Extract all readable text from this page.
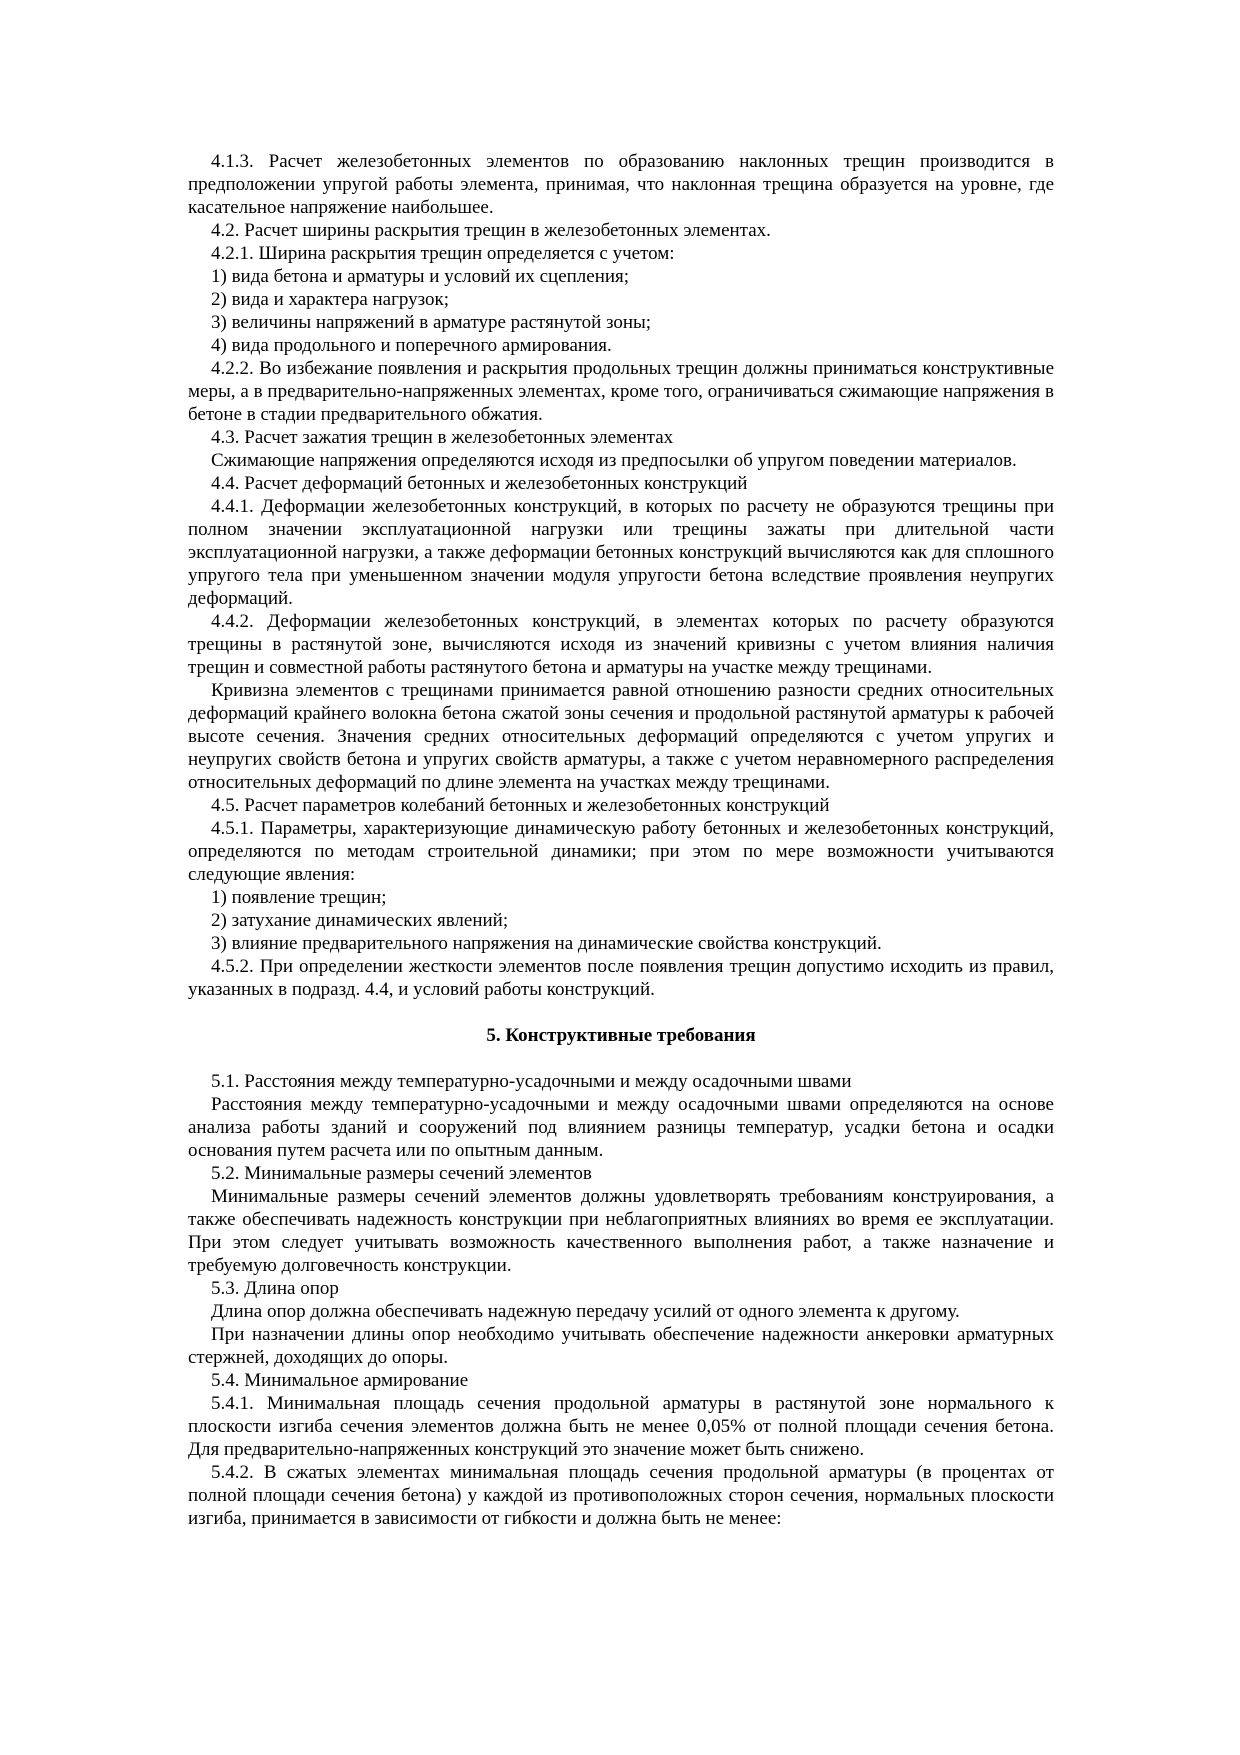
4.1.3. Расчет железобетонных элементов по образованию наклонных трещин производится в предположении упругой работы элемента, принимая, что наклонная трещина образуется на уровне, где касательное напряжение наибольшее.

4.2. Расчет ширины раскрытия трещин в железобетонных элементах.

4.2.1. Ширина раскрытия трещин определяется с учетом:

1) вида бетона и арматуры и условий их сцепления;

2) вида и характера нагрузок;

3) величины напряжений в арматуре растянутой зоны;

4) вида продольного и поперечного армирования.

4.2.2. Во избежание появления и раскрытия продольных трещин должны приниматься конструктивные меры, а в предварительно-напряженных элементах, кроме того, ограничиваться сжимающие напряжения в бетоне в стадии предварительного обжатия.

4.3. Расчет зажатия трещин в железобетонных элементах

Сжимающие напряжения определяются исходя из предпосылки об упругом поведении материалов.

4.4. Расчет деформаций бетонных и железобетонных конструкций

4.4.1. Деформации железобетонных конструкций, в которых по расчету не образуются трещины при полном значении эксплуатационной нагрузки или трещины зажаты при длительной части эксплуатационной нагрузки, а также деформации бетонных конструкций вычисляются как для сплошного упругого тела при уменьшенном значении модуля упругости бетона вследствие проявления неупругих деформаций.

4.4.2. Деформации железобетонных конструкций, в элементах которых по расчету образуются трещины в растянутой зоне, вычисляются исходя из значений кривизны с учетом влияния наличия трещин и совместной работы растянутого бетона и арматуры на участке между трещинами.

Кривизна элементов с трещинами принимается равной отношению разности средних относительных деформаций крайнего волокна бетона сжатой зоны сечения и продольной растянутой арматуры к рабочей высоте сечения. Значения средних относительных деформаций определяются с учетом упругих и неупругих свойств бетона и упругих свойств арматуры, а также с учетом неравномерного распределения относительных деформаций по длине элемента на участках между трещинами.

4.5. Расчет параметров колебаний бетонных и железобетонных конструкций

4.5.1. Параметры, характеризующие динамическую работу бетонных и железобетонных конструкций, определяются по методам строительной динамики; при этом по мере возможности учитываются следующие явления:

1) появление трещин;

2) затухание динамических явлений;

3) влияние предварительного напряжения на динамические свойства конструкций.

4.5.2. При определении жесткости элементов после появления трещин допустимо исходить из правил, указанных в подразд. 4.4, и условий работы конструкций.

5. Конструктивные требования

5.1. Расстояния между температурно-усадочными и между осадочными швами

Расстояния между температурно-усадочными и между осадочными швами определяются на основе анализа работы зданий и сооружений под влиянием разницы температур, усадки бетона и осадки основания путем расчета или по опытным данным.

5.2. Минимальные размеры сечений элементов

Минимальные размеры сечений элементов должны удовлетворять требованиям конструирования, а также обеспечивать надежность конструкции при неблагоприятных влияниях во время ее эксплуатации. При этом следует учитывать возможность качественного выполнения работ, а также назначение и требуемую долговечность конструкции.

5.3. Длина опор

Длина опор должна обеспечивать надежную передачу усилий от одного элемента к другому.

При назначении длины опор необходимо учитывать обеспечение надежности анкеровки арматурных стержней, доходящих до опоры.

5.4. Минимальное армирование

5.4.1. Минимальная площадь сечения продольной арматуры в растянутой зоне нормального к плоскости изгиба сечения элементов должна быть не менее 0,05% от полной площади сечения бетона. Для предварительно-напряженных конструкций это значение может быть снижено.

5.4.2. В сжатых элементах минимальная площадь сечения продольной арматуры (в процентах от полной площади сечения бетона) у каждой из противоположных сторон сечения, нормальных плоскости изгиба, принимается в зависимости от гибкости и должна быть не менее:
